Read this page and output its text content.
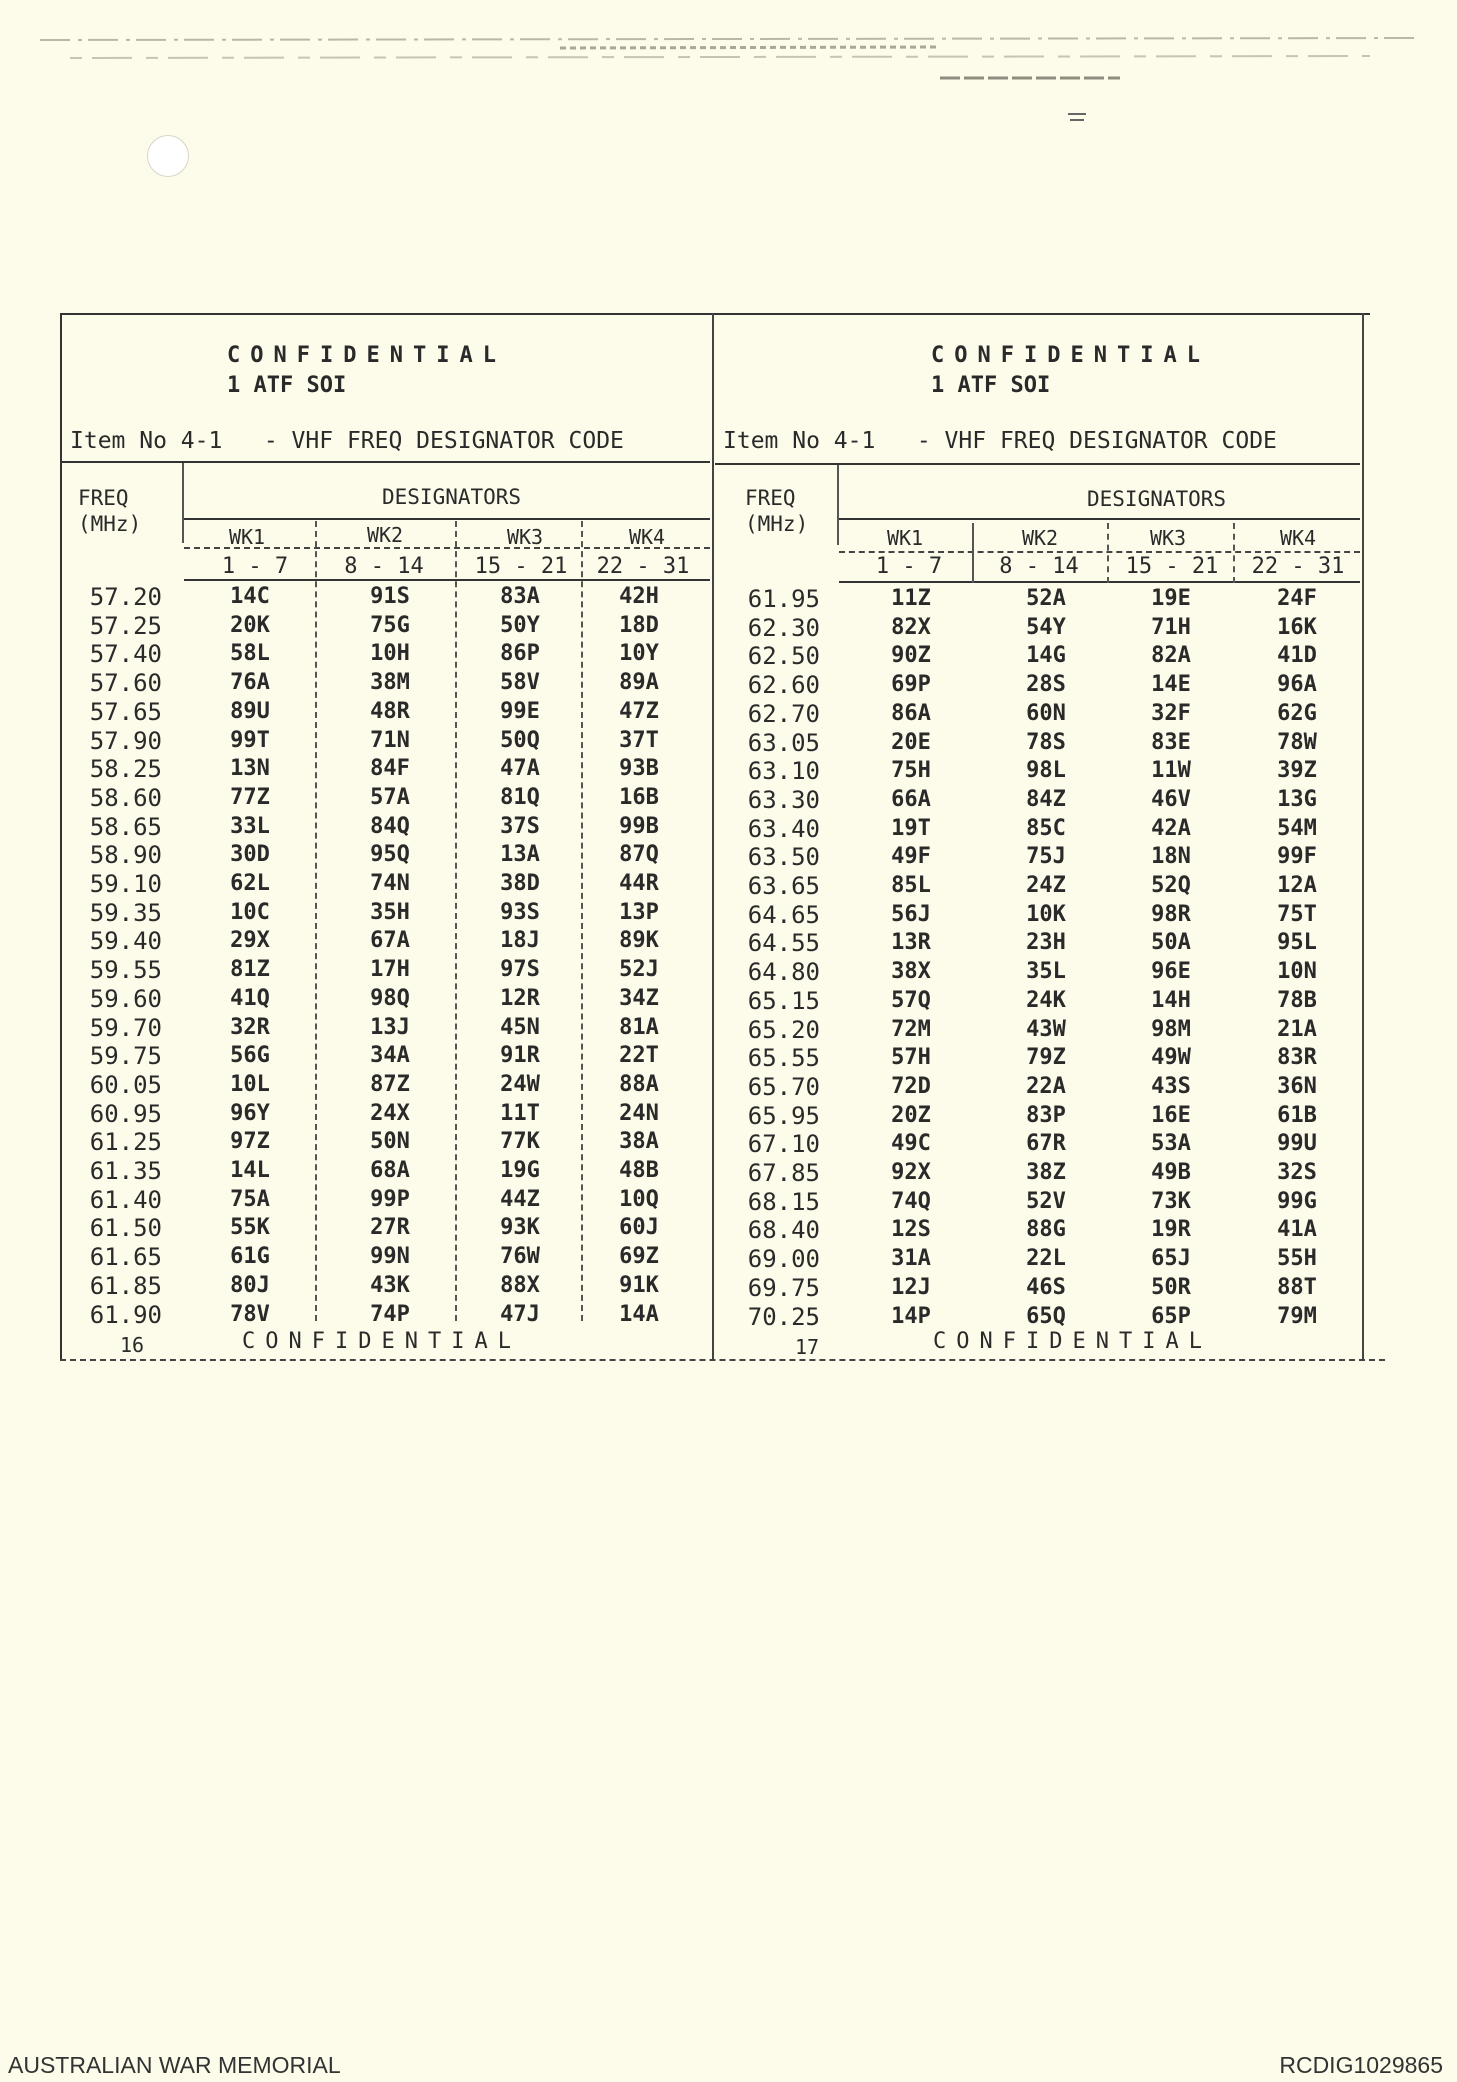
CONFIDENTIAL
1 ATF SOI
Item No 4-1   - VHF FREQ DESIGNATOR CODE
FREQ
(MHz)
DESIGNATORS
WK1	WK2	WK3	WK4
1 - 7	8 - 14	15 - 21	22 - 31
57.20	14C	91S	83A	42H
57.25	20K	75G	50Y	18D
57.40	58L	10H	86P	10Y
57.60	76A	38M	58V	89A
57.65	89U	48R	99E	47Z
57.90	99T	71N	50Q	37T
58.25	13N	84F	47A	93B
58.60	77Z	57A	81Q	16B
58.65	33L	84Q	37S	99B
58.90	30D	95Q	13A	87Q
59.10	62L	74N	38D	44R
59.35	10C	35H	93S	13P
59.40	29X	67A	18J	89K
59.55	81Z	17H	97S	52J
59.60	41Q	98Q	12R	34Z
59.70	32R	13J	45N	81A
59.75	56G	34A	91R	22T
60.05	10L	87Z	24W	88A
60.95	96Y	24X	11T	24N
61.25	97Z	50N	77K	38A
61.35	14L	68A	19G	48B
61.40	75A	99P	44Z	10Q
61.50	55K	27R	93K	60J
61.65	61G	99N	76W	69Z
61.85	80J	43K	88X	91K
61.90	78V	74P	47J	14A
16	CONFIDENTIAL
CONFIDENTIAL
1 ATF SOI
Item No 4-1   - VHF FREQ DESIGNATOR CODE
FREQ
(MHz)
DESIGNATORS
WK1	WK2	WK3	WK4
1 - 7	8 - 14	15 - 21	22 - 31
61.95	11Z	52A	19E	24F
62.30	82X	54Y	71H	16K
62.50	90Z	14G	82A	41D
62.60	69P	28S	14E	96A
62.70	86A	60N	32F	62G
63.05	20E	78S	83E	78W
63.10	75H	98L	11W	39Z
63.30	66A	84Z	46V	13G
63.40	19T	85C	42A	54M
63.50	49F	75J	18N	99F
63.65	85L	24Z	52Q	12A
64.65	56J	10K	98R	75T
64.55	13R	23H	50A	95L
64.80	38X	35L	96E	10N
65.15	57Q	24K	14H	78B
65.20	72M	43W	98M	21A
65.55	57H	79Z	49W	83R
65.70	72D	22A	43S	36N
65.95	20Z	83P	16E	61B
67.10	49C	67R	53A	99U
67.85	92X	38Z	49B	32S
68.15	74Q	52V	73K	99G
68.40	12S	88G	19R	41A
69.00	31A	22L	65J	55H
69.75	12J	46S	50R	88T
70.25	14P	65Q	65P	79M
17	CONFIDENTIAL
AUSTRALIAN WAR MEMORIAL	RCDIG1029865
